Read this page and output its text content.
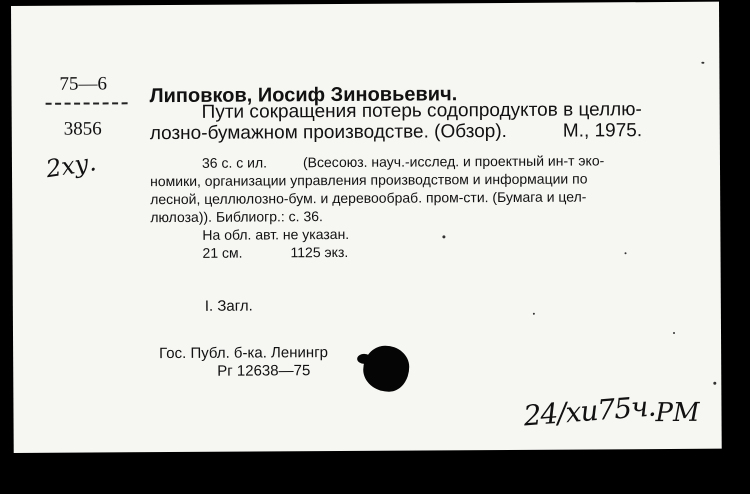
75—6
3856
2ху.
Липовков, Иосиф Зиновьевич.
Пути сокращения потерь содопродуктов в целлю-
лозно-бумажном производстве. (Обзор).	М., 1975.
36 с. с ил.	(Всесоюз. науч.-исслед. и проектный ин-т эко-
номики, организации управления производством и информации по
лесной, целлюлозно-бум. и деревообраб. пром-сти. (Бумага и цел-
люлоза)). Библиогр.: с. 36.
На обл. авт. не указан.
21 см.	1125 экз.
I. Загл.
Гос. Публ. б-ка. Ленингр
Рг 12638—75
24/хи75ч. РМ
